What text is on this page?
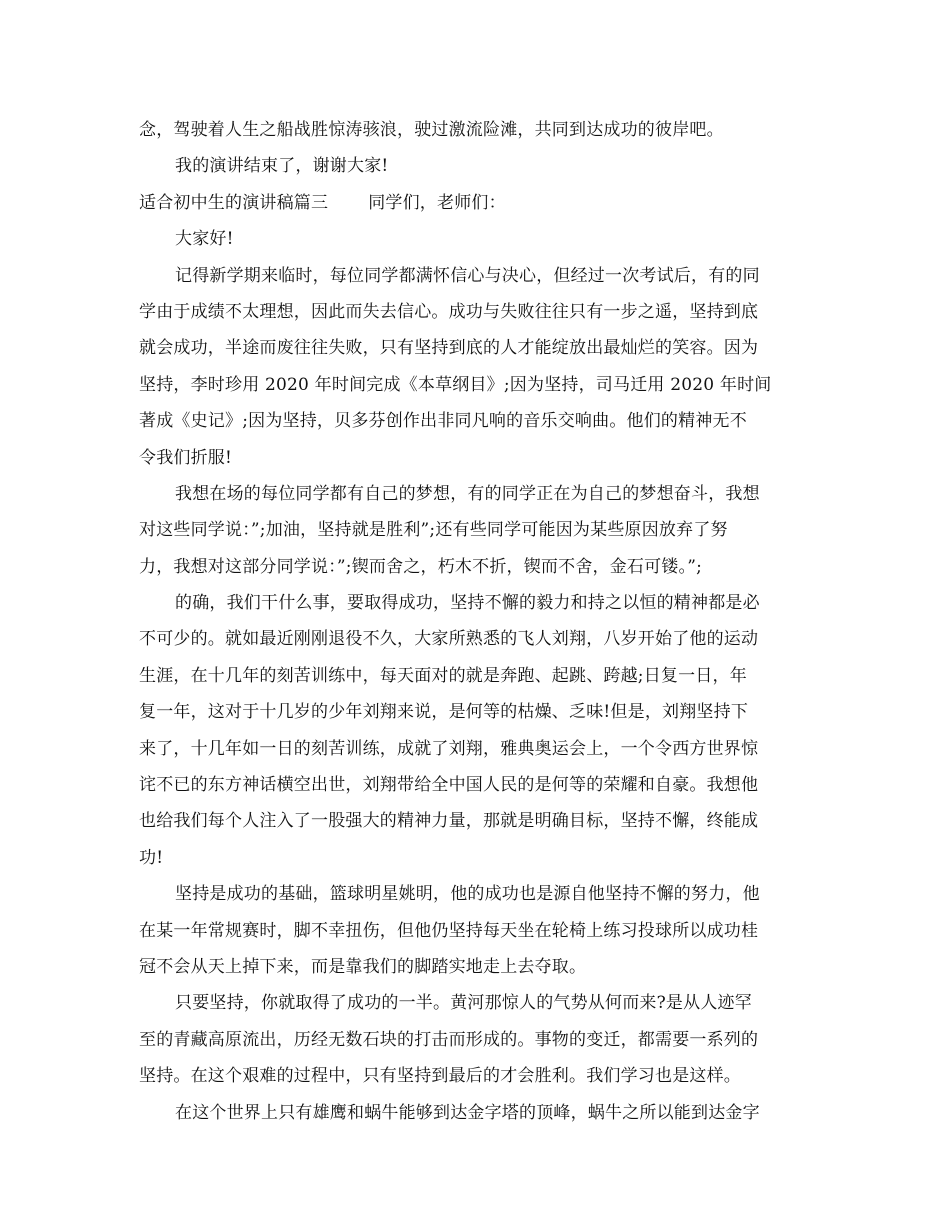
念，驾驶着人生之船战胜惊涛骇浪，驶过激流险滩，共同到达成功的彼岸吧。
我的演讲结束了，谢谢大家!
适合初中生的演讲稿篇三 同学们，老师们：
大家好!
记得新学期来临时，每位同学都满怀信心与决心，但经过一次考试后，有的同
学由于成绩不太理想，因此而失去信心。成功与失败往往只有一步之遥，坚持到底
就会成功，半途而废往往失败，只有坚持到底的人才能绽放出最灿烂的笑容。因为
坚持，李时珍用 2020 年时间完成《本草纲目》;因为坚持，司马迁用 2020 年时间
著成《史记》;因为坚持，贝多芬创作出非同凡响的音乐交响曲。他们的精神无不
令我们折服!
我想在场的每位同学都有自己的梦想，有的同学正在为自己的梦想奋斗，我想
对这些同学说：”;加油，坚持就是胜利”;还有些同学可能因为某些原因放弃了努
力，我想对这部分同学说：”;锲而舍之，朽木不折，锲而不舍，金石可镂。”;
的确，我们干什么事，要取得成功，坚持不懈的毅力和持之以恒的精神都是必
不可少的。就如最近刚刚退役不久，大家所熟悉的飞人刘翔，八岁开始了他的运动
生涯，在十几年的刻苦训练中，每天面对的就是奔跑、起跳、跨越;日复一日，年
复一年，这对于十几岁的少年刘翔来说，是何等的枯燥、乏味!但是，刘翔坚持下
来了，十几年如一日的刻苦训练，成就了刘翔，雅典奥运会上，一个令西方世界惊
诧不已的东方神话横空出世，刘翔带给全中国人民的是何等的荣耀和自豪。我想他
也给我们每个人注入了一股强大的精神力量，那就是明确目标，坚持不懈，终能成
功!
坚持是成功的基础，篮球明星姚明，他的成功也是源自他坚持不懈的努力，他
在某一年常规赛时，脚不幸扭伤，但他仍坚持每天坐在轮椅上练习投球所以成功桂
冠不会从天上掉下来，而是靠我们的脚踏实地走上去夺取。
只要坚持，你就取得了成功的一半。黄河那惊人的气势从何而来?是从人迹罕
至的青藏高原流出，历经无数石块的打击而形成的。事物的变迁，都需要一系列的
坚持。在这个艰难的过程中，只有坚持到最后的才会胜利。我们学习也是这样。
在这个世界上只有雄鹰和蜗牛能够到达金字塔的顶峰，蜗牛之所以能到达金字
